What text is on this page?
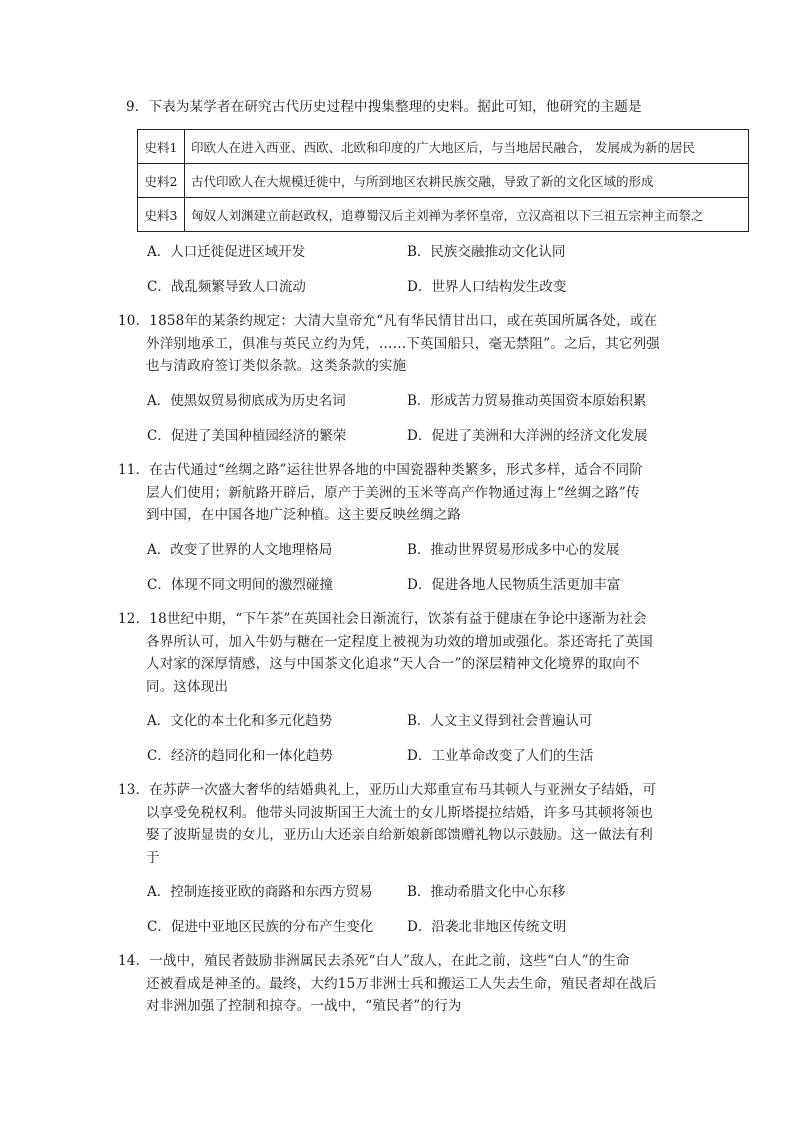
9．下表为某学者在研究古代历史过程中搜集整理的史料。据此可知，他研究的主题是

史料1	印欧人在进入西亚、西欧、北欧和印度的广大地区后，与当地居民融合， 发展成为新的居民
史料2	古代印欧人在大规模迁徙中，与所到地区农耕民族交融，导致了新的文化区域的形成
史料3	匈奴人刘渊建立前赵政权，追尊蜀汉后主刘禅为孝怀皇帝，立汉高祖以下三祖五宗神主而祭之
A．人口迁徙促进区域开发	B．民族交融推动文化认同
C．战乱频繁导致人口流动	D．世界人口结构发生改变
10．1858年的某条约规定：大清大皇帝允“凡有华民情甘出口，或在英国所属各处，或在
外洋别地承工，俱准与英民立约为凭，……下英国船只，毫无禁阻”。之后，其它列强
也与清政府签订类似条款。这类条款的实施
A．使黑奴贸易彻底成为历史名词	B．形成苦力贸易推动英国资本原始积累
C．促进了美国种植园经济的繁荣	D．促进了美洲和大洋洲的经济文化发展
11．在古代通过“丝绸之路”运往世界各地的中国瓷器种类繁多，形式多样，适合不同阶
层人们使用；新航路开辟后，原产于美洲的玉米等高产作物通过海上“丝绸之路”传
到中国，在中国各地广泛种植。这主要反映丝绸之路
A．改变了世界的人文地理格局	B．推动世界贸易形成多中心的发展
C．体现不同文明间的激烈碰撞	D．促进各地人民物质生活更加丰富
12．18世纪中期，“下午茶”在英国社会日渐流行，饮茶有益于健康在争论中逐渐为社会
各界所认可，加入牛奶与糖在一定程度上被视为功效的增加或强化。茶还寄托了英国
人对家的深厚情感，这与中国茶文化追求“天人合一”的深层精神文化境界的取向不
同。这体现出
A．文化的本土化和多元化趋势	B．人文主义得到社会普遍认可
C．经济的趋同化和一体化趋势	D．工业革命改变了人们的生活
13．在苏萨一次盛大奢华的结婚典礼上，亚历山大郑重宣布马其顿人与亚洲女子结婚，可
以享受免税权利。他带头同波斯国王大流士的女儿斯塔提拉结婚，许多马其顿将领也
娶了波斯显贵的女儿，亚历山大还亲自给新娘新郎馈赠礼物以示鼓励。这一做法有利
于
A．控制连接亚欧的商路和东西方贸易	B．推动希腊文化中心东移
C．促进中亚地区民族的分布产生变化 D．沿袭北非地区传统文明
14．一战中，殖民者鼓励非洲属民去杀死“白人”敌人，在此之前，这些“白人”的生命
还被看成是神圣的。最终，大约15万非洲士兵和搬运工人失去生命，殖民者却在战后
对非洲加强了控制和掠夺。一战中，“殖民者”的行为
